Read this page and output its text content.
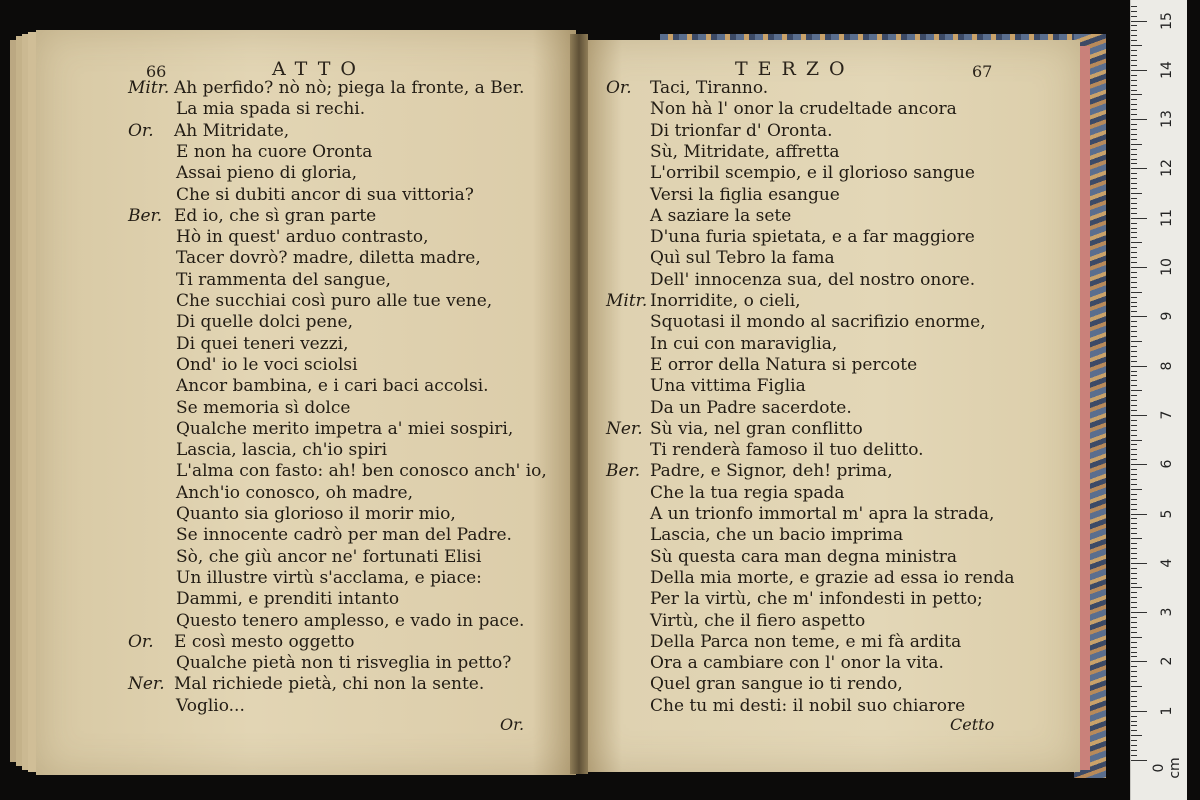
66	ATTO	TERZO	67
Mitr. Ah perfido? nò nò; piega la fronte, a Ber.
La mia spada si rechi.
Or. Ah Mitridate,
E non ha cuore Oronta
Assai pieno di gloria,
Che si dubiti ancor di sua vittoria?
Ber. Ed io, che sì gran parte
Hò in quest' arduo contrasto,
Tacer dovrò? madre, diletta madre,
Ti rammenta del sangue,
Che succhiai così puro alle tue vene,
Di quelle dolci pene,
Di quei teneri vezzi,
Ond' io le voci sciolsi
Ancor bambina, e i cari baci accolsi.
Se memoria sì dolce
Qualche merito impetra a' miei sospiri,
Lascia, lascia, ch'io spiri
L'alma con fasto: ah! ben conosco anch' io,
Anch'io conosco, oh madre,
Quanto sia glorioso il morir mio,
Se innocente cadrò per man del Padre.
Sò, che giù ancor ne' fortunati Elisi
Un illustre virtù s'acclama, e piace:
Dammi, e prenditi intanto
Questo tenero amplesso, e vado in pace.
Or. E così mesto oggetto
Qualche pietà non ti risveglia in petto?
Ner. Mal richiede pietà, chi non la sente.
Voglio...
Or. Taci, Tiranno.
Non hà l' onor la crudeltade ancora
Di trionfar d' Oronta.
Sù, Mitridate, affretta
L'orribil scempio, e il glorioso sangue
Versi la figlia esangue
A saziare la sete
D'una furia spietata, e a far maggiore
Quì sul Tebro la fama
Dell' innocenza sua, del nostro onore.
Mitr. Inorridite, o cieli,
Squotasi il mondo al sacrifizio enorme,
In cui con maraviglia,
E orror della Natura si percote
Una vittima Figlia
Da un Padre sacerdote.
Ner. Sù via, nel gran conflitto
Ti renderà famoso il tuo delitto.
Ber. Padre, e Signor, deh! prima,
Che la tua regia spada
A un trionfo immortal m' apra la strada,
Lascia, che un bacio imprima
Sù questa cara man degna ministra
Della mia morte, e grazie ad essa io renda
Per la virtù, che m' infondesti in petto;
Virtù, che il fiero aspetto
Della Parca non teme, e mi fà ardita
Ora a cambiare con l' onor la vita.
Quel gran sangue io ti rendo,
Che tu mi desti: il nobil suo chiarore
Or.	Cetto
0 cm
1
2
3
4
5
6
7
8
9
10
11
12
13
14
15
